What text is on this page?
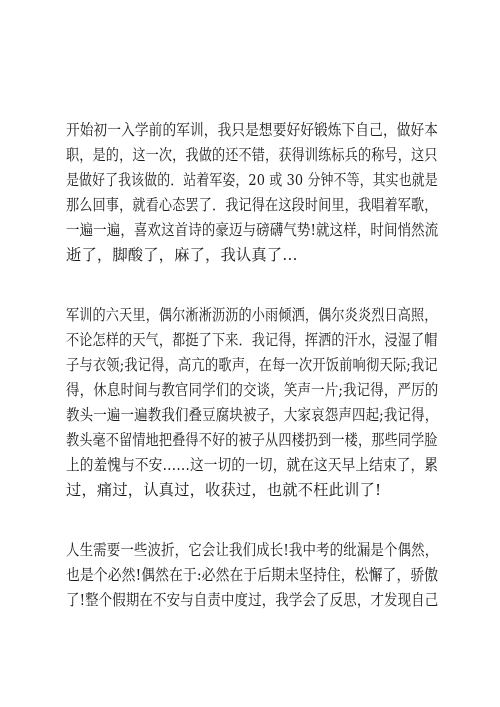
开始初一入学前的军训，我只是想要好好锻炼下自己，做好本
职，是的，这一次，我做的还不错，获得训练标兵的称号，这只
是做好了我该做的．站着军姿，20 或 30 分钟不等，其实也就是
那么回事，就看心态罢了．我记得在这段时间里，我唱着军歌，
一遍一遍，喜欢这首诗的豪迈与磅礴气势!就这样，时间悄然流
逝了，脚酸了，麻了，我认真了…
军训的六天里，偶尔淅淅沥沥的小雨倾洒，偶尔炎炎烈日高照，
不论怎样的天气，都挺了下来．我记得，挥洒的汗水，浸湿了帽
子与衣领;我记得，高亢的歌声，在每一次开饭前响彻天际;我记
得，休息时间与教官同学们的交谈，笑声一片;我记得，严厉的
教头一遍一遍教我们叠豆腐块被子，大家哀怨声四起;我记得，
教头毫不留情地把叠得不好的被子从四楼扔到一楼，那些同学脸
上的羞愧与不安……这一切的一切，就在这天早上结束了，累
过，痛过，认真过，收获过，也就不枉此训了!
人生需要一些波折，它会让我们成长!我中考的纰漏是个偶然，
也是个必然!偶然在于:必然在于后期未坚持住，松懈了，骄傲
了!整个假期在不安与自责中度过，我学会了反思，才发现自己
